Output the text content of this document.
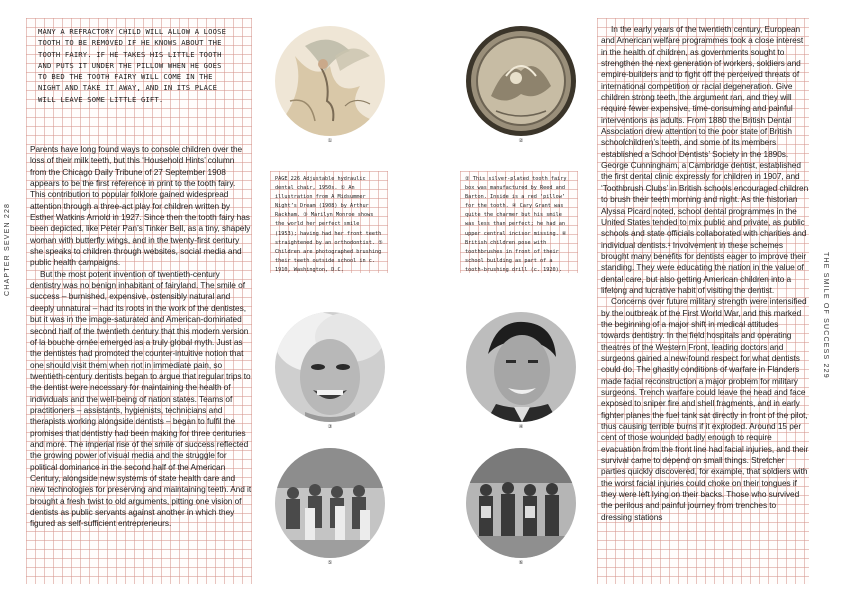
MANY A REFRACTORY CHILD WILL ALLOW A LOOSE TOOTH TO BE REMOVED IF HE KNOWS ABOUT THE TOOTH FAIRY. IF HE TAKES HIS LITTLE TOOTH AND PUTS IT UNDER THE PILLOW WHEN HE GOES TO BED THE TOOTH FAIRY WILL COME IN THE NIGHT AND TAKE IT AWAY, AND IN ITS PLACE WILL LEAVE SOME LITTLE GIFT.

Parents have long found ways to console children over the loss of their milk teeth, but this ‘Household Hints’ column from the Chicago Daily Tribune of 27 September 1908 appears to be the first reference in print to the tooth fairy. This contribution to popular folklore gained widespread attention through a three-act play for children written by Esther Watkins Arnold in 1927. Since then the tooth fairy has been depicted, like Peter Pan’s Tinker Bell, as a tiny, shapely woman with butterfly wings, and in the twenty-first century she speaks to children through websites, social media and public health campaigns.

But the most potent invention of twentieth-century dentistry was no benign inhabitant of fairyland. The smile of success – burnished, expensive, ostensibly natural and deeply unnatural – had its roots in the work of the dentistes, but it was in the image-saturated and American-dominated second half of the twentieth century that this modern version of la bouche ornée emerged as a truly global myth. Just as the dentistes had promoted the counter-intuitive notion that one should visit them when not in immediate pain, so twentieth-century dentists began to argue that regular trips to the dentist were necessary for maintaining the health of individuals and the well-being of nation states. Teams of practitioners – assistants, hygienists, technicians and therapists working alongside dentists – began to fulfil the promises that dentistry had been making for three centuries and more. The imperial rise of the smile of success reflected the growing power of visual media and the struggle for political dominance in the second half of the American Century, alongside new systems of state health care and new technologies for preserving and maintaining teeth. And it brought a fresh twist to old arguments, pitting one vision of dentists as public servants against another in which they figured as self-sufficient entrepreneurs.

CHAPTER SEVEN 228
①	②
PAGE 226 Adjustable hydraulic dental chair, 1950s. ① An illustration from A Midsummer Night’s Dream (1908) by Arthur Rackham. ③ Marilyn Monroe shows the world her perfect smile (1953); having had her front teeth straightened by an orthodontist. ⑤ Children are photographed brushing their teeth outside school in c. 1910, Washington, D.C.
② This silver-plated tooth fairy box was manufactured by Reed and Barton. Inside is a red ‘pillow’ for the tooth. ④ Cary Grant was quite the charmer but his smile was less than perfect; he had an upper central incisor missing. ⑥ British children pose with toothbrushes in front of their school building as part of a tooth-brushing drill (c. 1920).
③	④
⑤	⑥

In the early years of the twentieth century, European and American welfare programmes took a close interest in the health of children, as governments sought to strengthen the next generation of workers, soldiers and empire-builders and to fight off the perceived threats of international competition or racial degeneration. Give children strong teeth, the argument ran, and they will require fewer expensive, time-consuming and painful interventions as adults. From 1880 the British Dental Association drew attention to the poor state of British schoolchildren’s teeth, and some of its members established a School Dentists’ Society in the 1890s. George Cunningham, a Cambridge dentist, established the first dental clinic expressly for children in 1907, and ‘Toothbrush Clubs’ in British schools encouraged children to brush their teeth morning and night. As the historian Alyssa Picard noted, school dental programmes in the United States tended to mix public and private, as public schools and state officials collaborated with charities and individual dentists.¹ Involvement in these schemes brought many benefits for dentists eager to improve their standing. They were educating the nation in the value of dental care, but also getting American children into a lifelong and lucrative habit of visiting the dentist.

Concerns over future military strength were intensified by the outbreak of the First World War, and this marked the beginning of a major shift in medical attitudes towards dentistry. In the field hospitals and operating theatres of the Western Front, leading doctors and surgeons gained a new-found respect for what dentists could do. The ghastly conditions of warfare in Flanders made facial reconstruction a major problem for military surgeons. Trench warfare could leave the head and face exposed to sniper fire and shell fragments, and in early fighter planes the fuel tank sat directly in front of the pilot, thus causing terrible burns if it exploded. Around 15 per cent of those wounded badly enough to require evacuation from the front line had facial injuries, and their survival came to depend on small things. Stretcher parties quickly discovered, for example, that soldiers with the worst facial injuries could choke on their tongues if they were left lying on their backs. Those who survived the perilous and painful journey from trenches to dressing stations

THE SMILE OF SUCCESS 229
